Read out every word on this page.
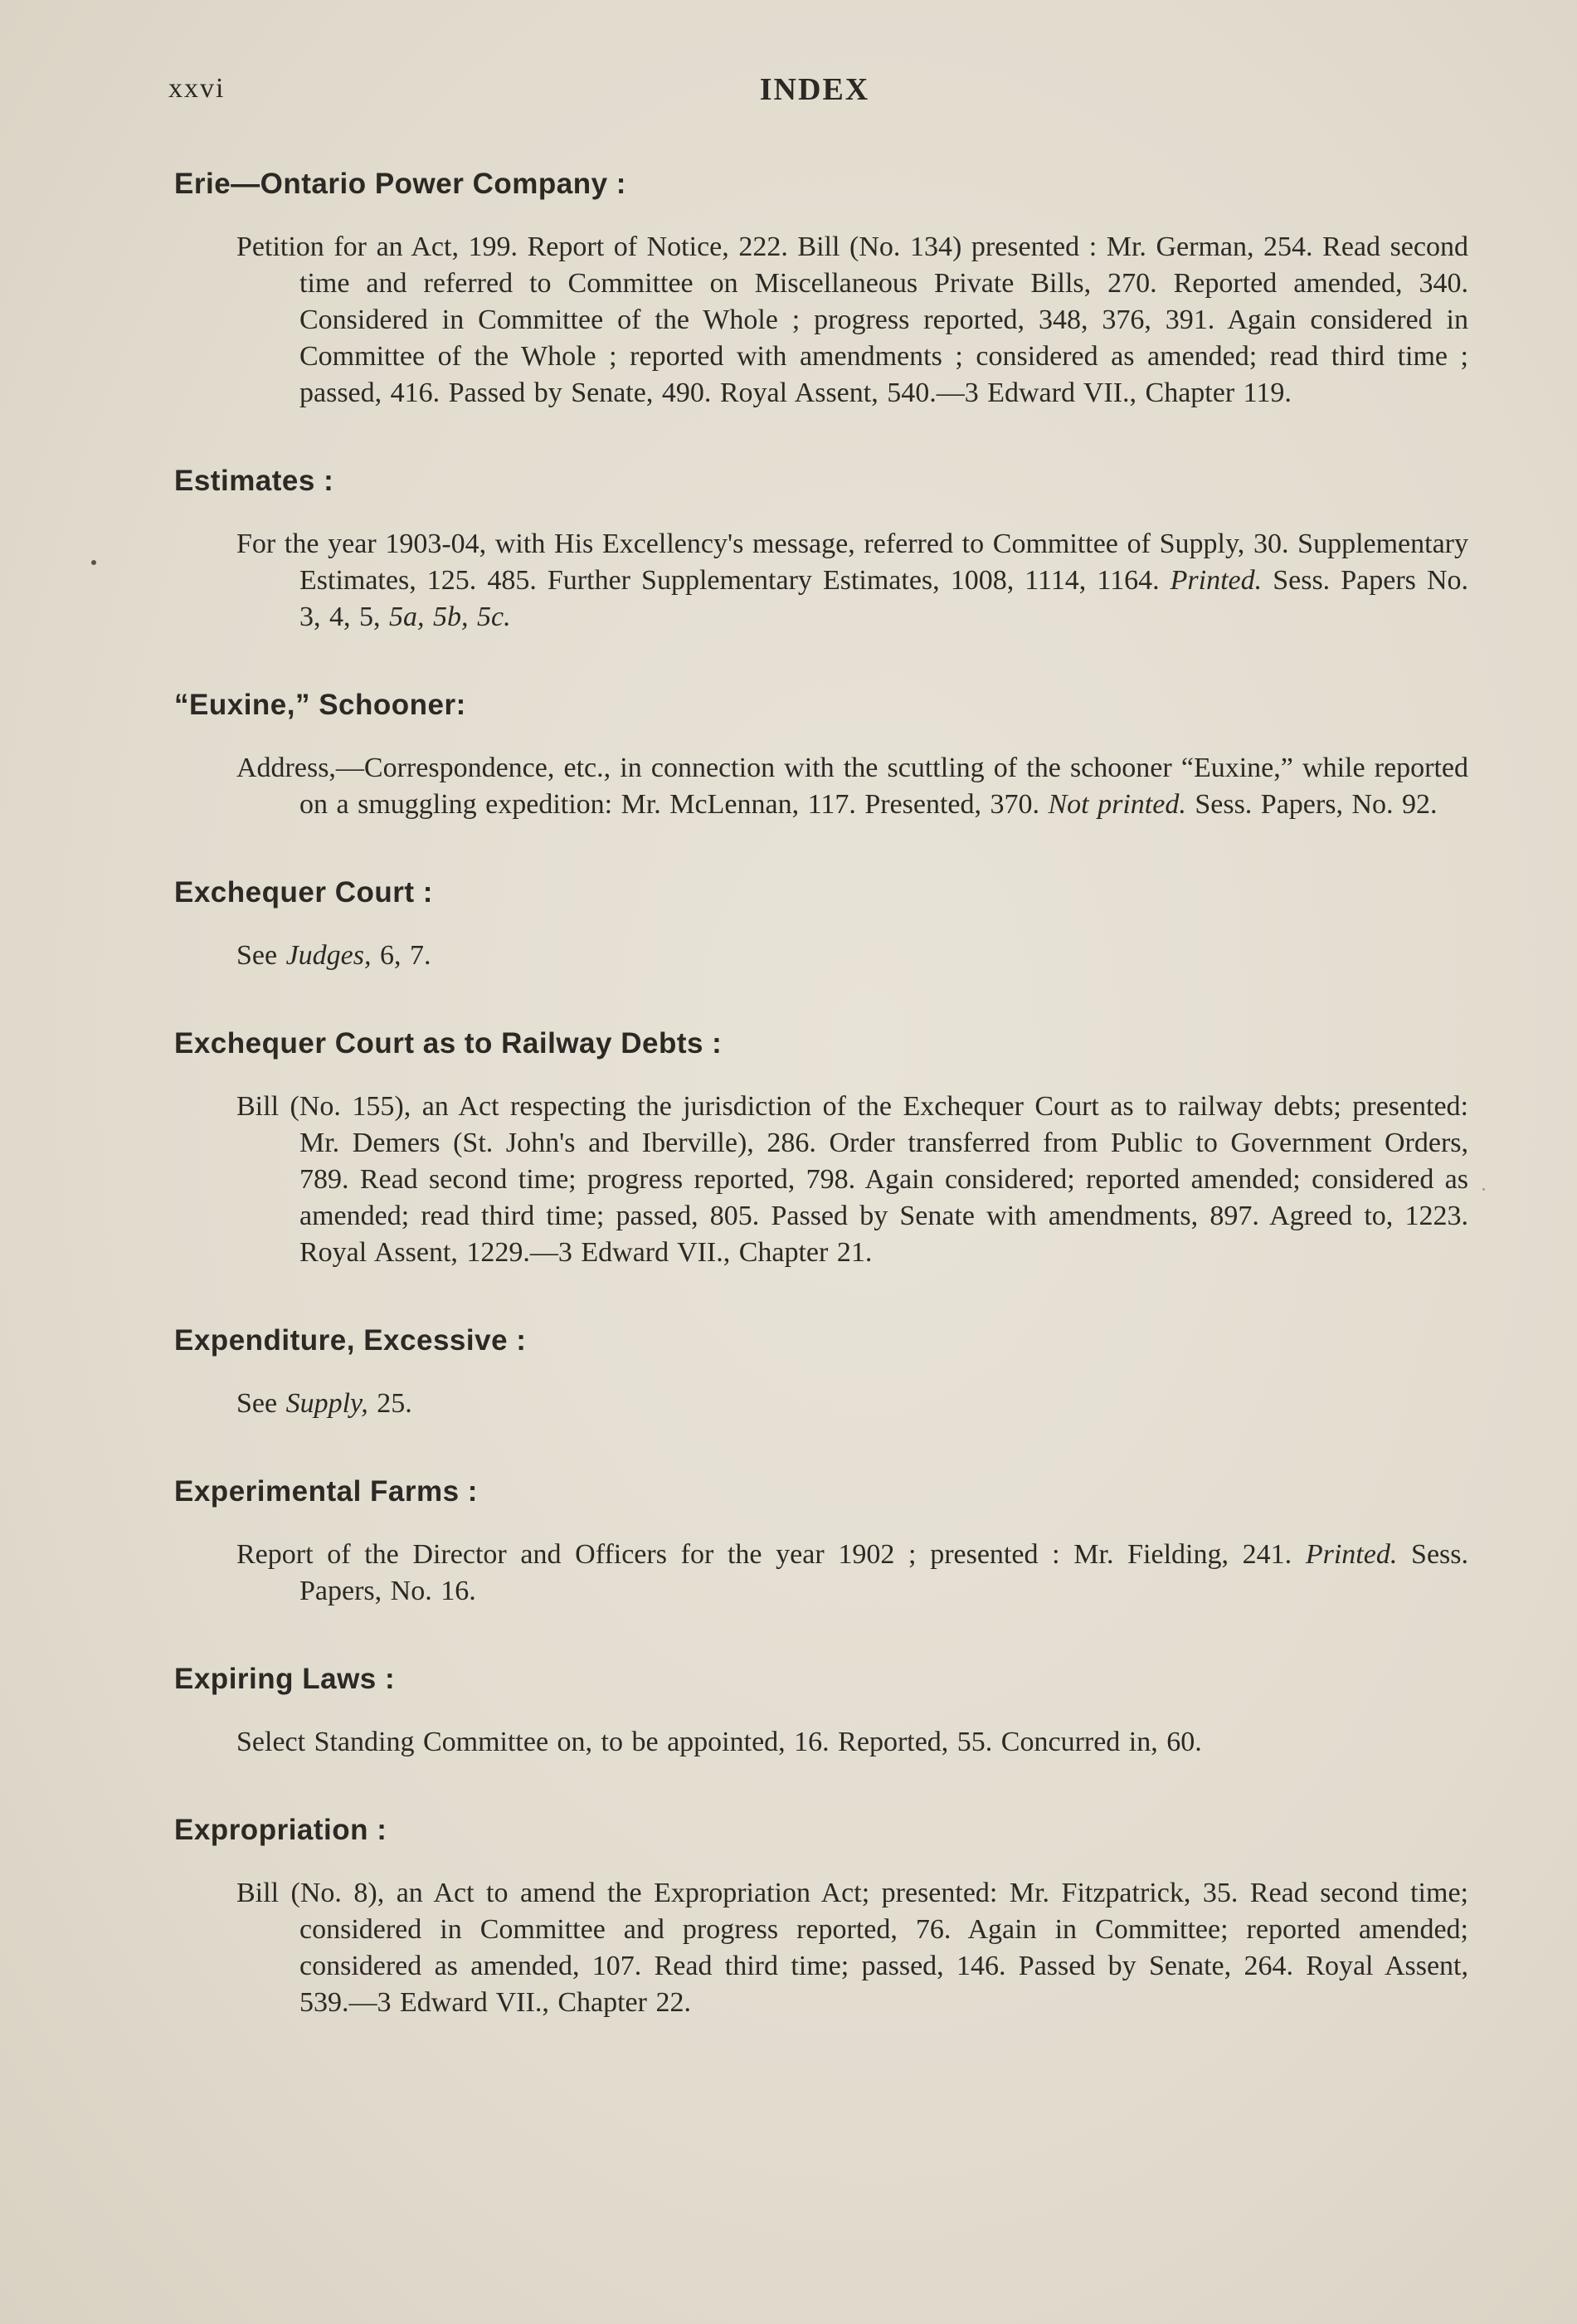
xxvi	INDEX
Erie—Ontario Power Company :
Petition for an Act, 199. Report of Notice, 222. Bill (No. 134) presented : Mr. German, 254. Read second time and referred to Committee on Miscellaneous Private Bills, 270. Reported amended, 340. Considered in Committee of the Whole ; progress reported, 348, 376, 391. Again considered in Committee of the Whole ; reported with amendments ; considered as amended; read third time ; passed, 416. Passed by Senate, 490. Royal Assent, 540.—3 Edward VII., Chapter 119.
Estimates :
For the year 1903-04, with His Excellency's message, referred to Committee of Supply, 30. Supplementary Estimates, 125. 485. Further Supplementary Estimates, 1008, 1114, 1164. Printed. Sess. Papers No. 3, 4, 5, 5a, 5b, 5c.
“Euxine,” Schooner:
Address,—Correspondence, etc., in connection with the scuttling of the schooner “Euxine,” while reported on a smuggling expedition: Mr. McLennan, 117. Presented, 370. Not printed. Sess. Papers, No. 92.
Exchequer Court :
See Judges, 6, 7.
Exchequer Court as to Railway Debts :
Bill (No. 155), an Act respecting the jurisdiction of the Exchequer Court as to railway debts; presented: Mr. Demers (St. John's and Iberville), 286. Order transferred from Public to Government Orders, 789. Read second time; progress reported, 798. Again considered; reported amended; considered as amended; read third time; passed, 805. Passed by Senate with amendments, 897. Agreed to, 1223. Royal Assent, 1229.—3 Edward VII., Chapter 21.
Expenditure, Excessive :
See Supply, 25.
Experimental Farms :
Report of the Director and Officers for the year 1902 ; presented : Mr. Fielding, 241. Printed. Sess. Papers, No. 16.
Expiring Laws :
Select Standing Committee on, to be appointed, 16. Reported, 55. Concurred in, 60.
Expropriation :
Bill (No. 8), an Act to amend the Expropriation Act; presented: Mr. Fitzpatrick, 35. Read second time; considered in Committee and progress reported, 76. Again in Committee; reported amended; considered as amended, 107. Read third time; passed, 146. Passed by Senate, 264. Royal Assent, 539.—3 Edward VII., Chapter 22.
